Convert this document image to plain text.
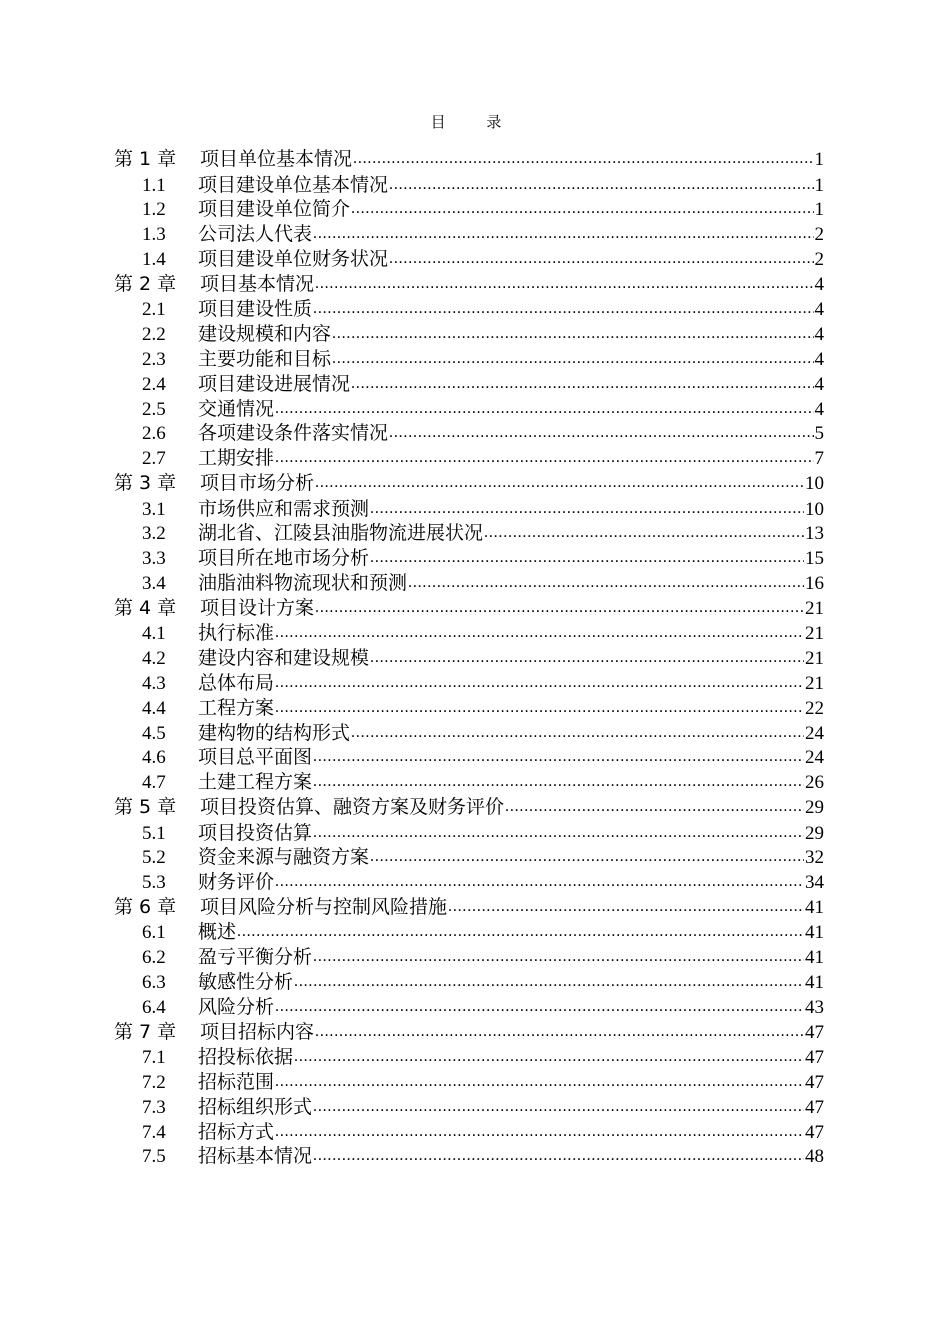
目 录
第 1 章	项目单位基本情况 .....	1
1.1	项目建设单位基本情况 .....	1
1.2	项目建设单位简介 .....	1
1.3	公司法人代表 .....	2
1.4	项目建设单位财务状况 .....	2
第 2 章	项目基本情况 .....	4
2.1	项目建设性质 .....	4
2.2	建设规模和内容 .....	4
2.3	主要功能和目标 .....	4
2.4	项目建设进展情况 .....	4
2.5	交通情况 .....	4
2.6	各项建设条件落实情况 .....	5
2.7	工期安排 .....	7
第 3 章	项目市场分析 .....	10
3.1	市场供应和需求预测 .....	10
3.2	湖北省、江陵县油脂物流进展状况 .....	13
3.3	项目所在地市场分析 .....	15
3.4	油脂油料物流现状和预测 .....	16
第 4 章	项目设计方案 .....	21
4.1	执行标准 .....	21
4.2	建设内容和建设规模 .....	21
4.3	总体布局 .....	21
4.4	工程方案 .....	22
4.5	建构物的结构形式 .....	24
4.6	项目总平面图 .....	24
4.7	土建工程方案 .....	26
第 5 章	项目投资估算、融资方案及财务评价 .....	29
5.1	项目投资估算 .....	29
5.2	资金来源与融资方案 .....	32
5.3	财务评价 .....	34
第 6 章	项目风险分析与控制风险措施 .....	41
6.1	概述 .....	41
6.2	盈亏平衡分析 .....	41
6.3	敏感性分析 .....	41
6.4	风险分析 .....	43
第 7 章	项目招标内容 .....	47
7.1	招投标依据 .....	47
7.2	招标范围 .....	47
7.3	招标组织形式 .....	47
7.4	招标方式 .....	47
7.5	招标基本情况 .....	48
